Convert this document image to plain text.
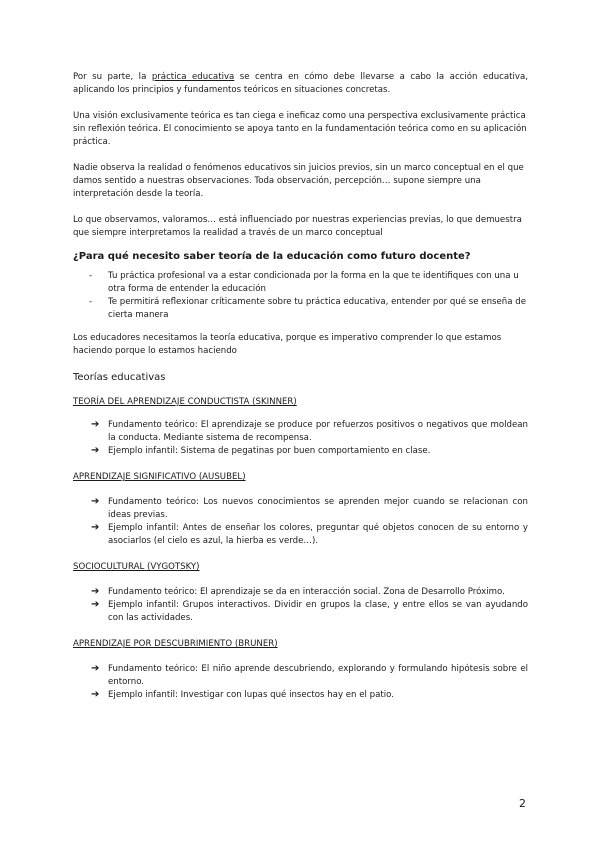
Por su parte, la práctica educativa se centra en cómo debe llevarse a cabo la acción educativa, aplicando los principios y fundamentos teóricos en situaciones concretas.

Una visión exclusivamente teórica es tan ciega e ineficaz como una perspectiva exclusivamente práctica sin reflexión teórica. El conocimiento se apoya tanto en la fundamentación teórica como en su aplicación práctica.

Nadie observa la realidad o fenómenos educativos sin juicios previos, sin un marco conceptual en el que damos sentido a nuestras observaciones. Toda observación, percepción… supone siempre una interpretación desde la teoría.

Lo que observamos, valoramos… está influenciado por nuestras experiencias previas, lo que demuestra que siempre interpretamos la realidad a través de un marco conceptual

¿Para qué necesito saber teoría de la educación como futuro docente?
- Tu práctica profesional va a estar condicionada por la forma en la que te identifiques con una u otra forma de entender la educación
- Te permitirá reflexionar críticamente sobre tu práctica educativa, entender por qué se enseña de cierta manera

Los educadores necesitamos la teoría educativa, porque es imperativo comprender lo que estamos haciendo porque lo estamos haciendo

Teorías educativas
TEORÍA DEL APRENDIZAJE CONDUCTISTA (SKINNER)
➔ Fundamento teórico: El aprendizaje se produce por refuerzos positivos o negativos que moldean la conducta. Mediante sistema de recompensa.
➔ Ejemplo infantil: Sistema de pegatinas por buen comportamiento en clase.
APRENDIZAJE SIGNIFICATIVO (AUSUBEL)
➔ Fundamento teórico: Los nuevos conocimientos se aprenden mejor cuando se relacionan con ideas previas.
➔ Ejemplo infantil: Antes de enseñar los colores, preguntar qué objetos conocen de su entorno y asociarlos (el cielo es azul, la hierba es verde…).
SOCIOCULTURAL (VYGOTSKY)
➔ Fundamento teórico: El aprendizaje se da en interacción social. Zona de Desarrollo Próximo.
➔ Ejemplo infantil: Grupos interactivos. Dividir en grupos la clase, y entre ellos se van ayudando con las actividades.
APRENDIZAJE POR DESCUBRIMIENTO (BRUNER)
➔ Fundamento teórico: El niño aprende descubriendo, explorando y formulando hipótesis sobre el entorno.
➔ Ejemplo infantil: Investigar con lupas qué insectos hay en el patio.
2
